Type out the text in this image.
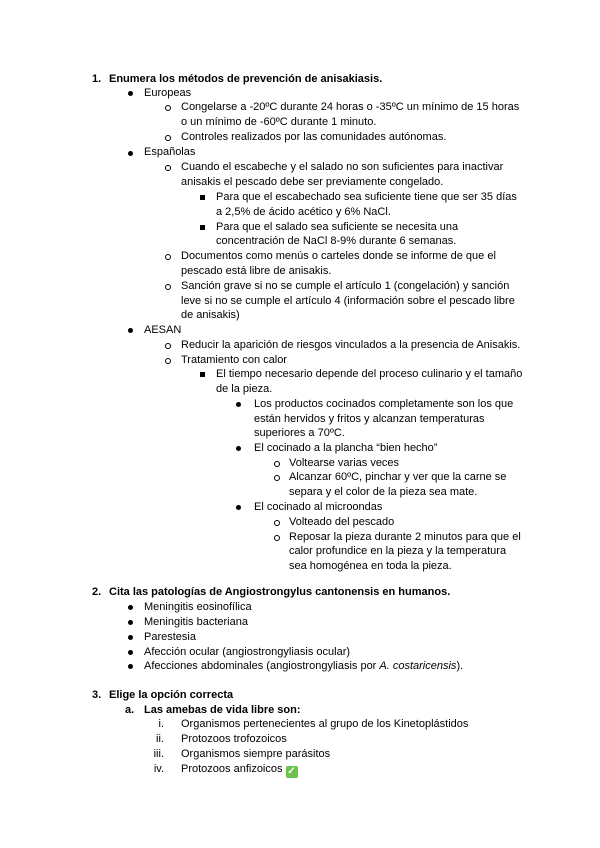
1. Enumera los métodos de prevención de anisakiasis.
Europeas
Congelarse a -20ºC durante 24 horas o -35ºC un mínimo de 15 horas
o un mínimo de -60ºC durante 1 minuto.
Controles realizados por las comunidades autónomas.
Españolas
Cuando el escabeche y el salado no son suficientes para inactivar
anisakis el pescado debe ser previamente congelado.
Para que el escabechado sea suficiente tiene que ser 35 días
a 2,5% de ácido acético y 6% NaCl.
Para que el salado sea suficiente se necesita una
concentración de NaCl 8-9% durante 6 semanas.
Documentos como menús o carteles donde se informe de que el
pescado está libre de anisakis.
Sanción grave si no se cumple el artículo 1 (congelación) y sanción
leve si no se cumple el artículo 4 (información sobre el pescado libre
de anisakis)
AESAN
Reducir la aparición de riesgos vinculados a la presencia de Anisakis.
Tratamiento con calor
El tiempo necesario depende del proceso culinario y el tamaño
de la pieza.
Los productos cocinados completamente son los que
están hervidos y fritos y alcanzan temperaturas
superiores a 70ºC.
El cocinado a la plancha “bien hecho”
Voltearse varias veces
Alcanzar 60ºC, pinchar y ver que la carne se
separa y el color de la pieza sea mate.
El cocinado al microondas
Volteado del pescado
Reposar la pieza durante 2 minutos para que el
calor profundice en la pieza y la temperatura
sea homogénea en toda la pieza.
2. Cita las patologías de Angiostrongylus cantonensis en humanos.
Meningitis eosinofílica
Meningitis bacteriana
Parestesia
Afección ocular (angiostrongyliasis ocular)
Afecciones abdominales (angiostrongyliasis por A. costaricensis).
3. Elige la opción correcta
a. Las amebas de vida libre son:
i. Organismos pertenecientes al grupo de los Kinetoplástidos
ii. Protozoos trofozoicos
iii. Organismos siempre parásitos
iv. Protozoos anfizoicos ✓
